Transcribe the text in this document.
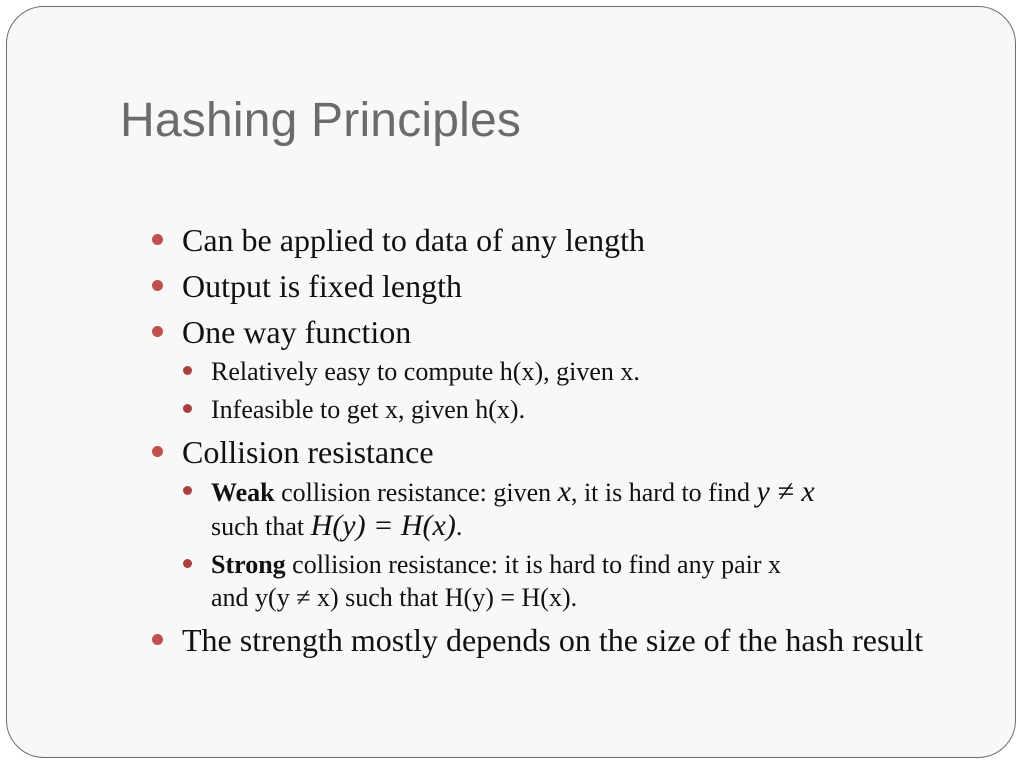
Hashing Principles
Can be applied to data of any length
Output is fixed length
One way function
Relatively easy to compute h(x), given x.
Infeasible to get x, given h(x).
Collision resistance
Weak collision resistance: given x, it is hard to find y ≠ x
such that H(y) = H(x).
Strong collision resistance: it is hard to find any pair x
and y(y ≠ x) such that H(y) = H(x).
The strength mostly depends on the size of the hash result
